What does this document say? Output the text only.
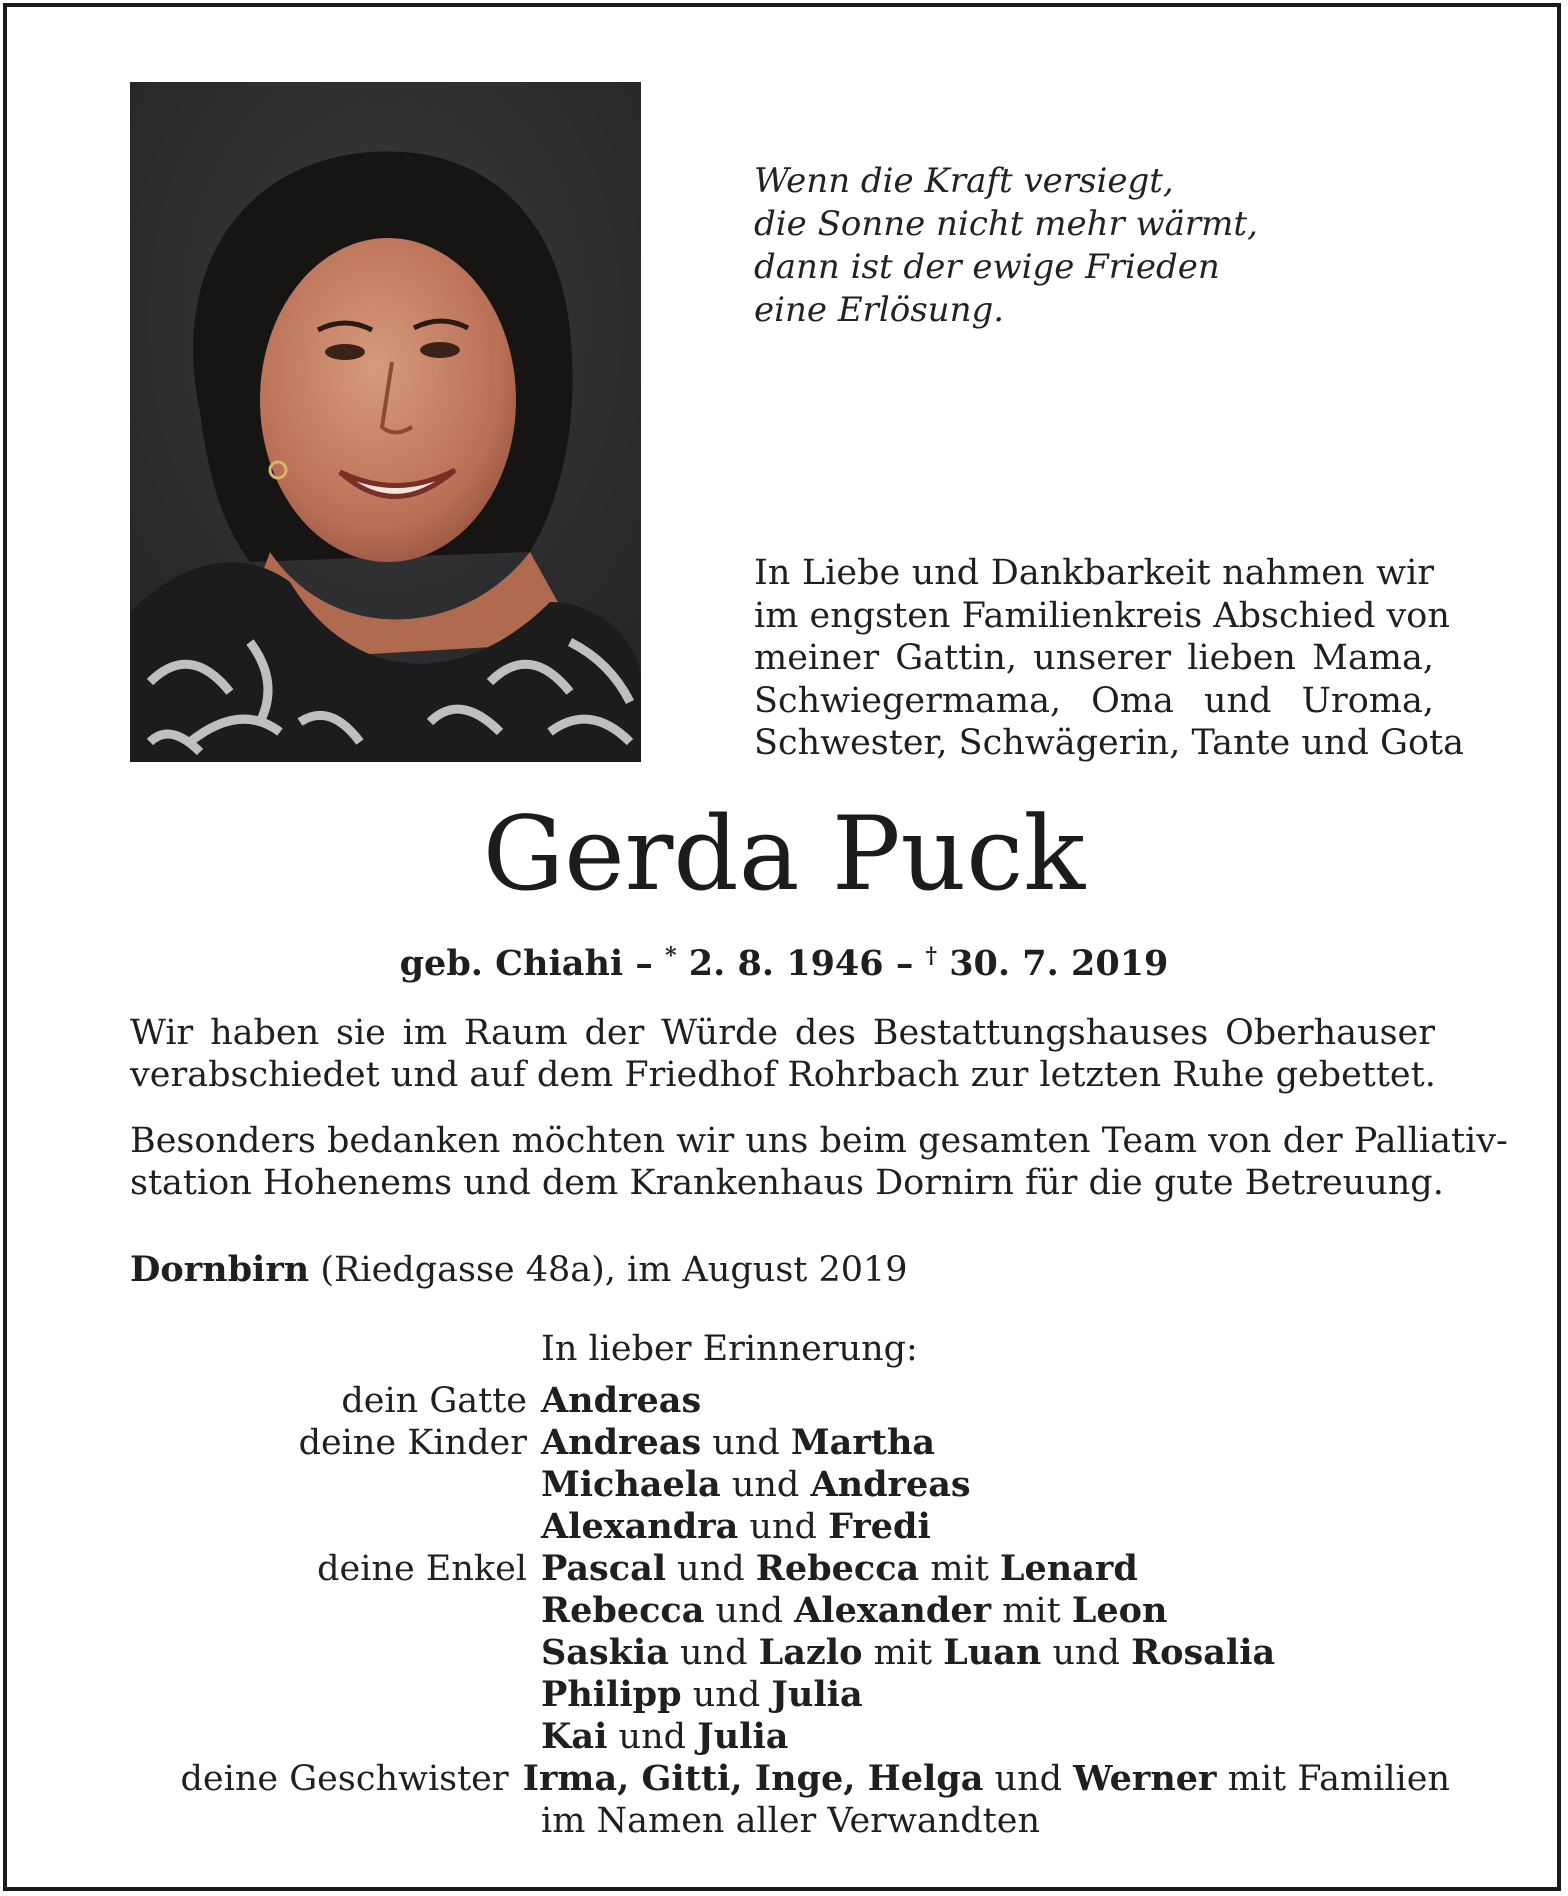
Wenn die Kraft versiegt,
die Sonne nicht mehr wärmt,
dann ist der ewige Frieden
eine Erlösung.
In Liebe und Dankbarkeit nahmen wir
im engsten Familienkreis Abschied von
meiner Gattin, unserer lieben Mama,
Schwiegermama, Oma und Uroma,
Schwester, Schwägerin, Tante und Gota
Gerda Puck
geb. Chiahi – * 2. 8. 1946 – † 30. 7. 2019
Wir haben sie im Raum der Würde des Bestattungshauses Oberhauser
verabschiedet und auf dem Friedhof Rohrbach zur letzten Ruhe gebettet.
Besonders bedanken möchten wir uns beim gesamten Team von der Palliativ-
station Hohenems und dem Krankenhaus Dornirn für die gute Betreuung.
Dornbirn (Riedgasse 48a), im August 2019
In lieber Erinnerung:
dein Gatte Andreas
deine Kinder Andreas und Martha
Michaela und Andreas
Alexandra und Fredi
deine Enkel Pascal und Rebecca mit Lenard
Rebecca und Alexander mit Leon
Saskia und Lazlo mit Luan und Rosalia
Philipp und Julia
Kai und Julia
deine Geschwister Irma, Gitti, Inge, Helga und Werner mit Familien
im Namen aller Verwandten
